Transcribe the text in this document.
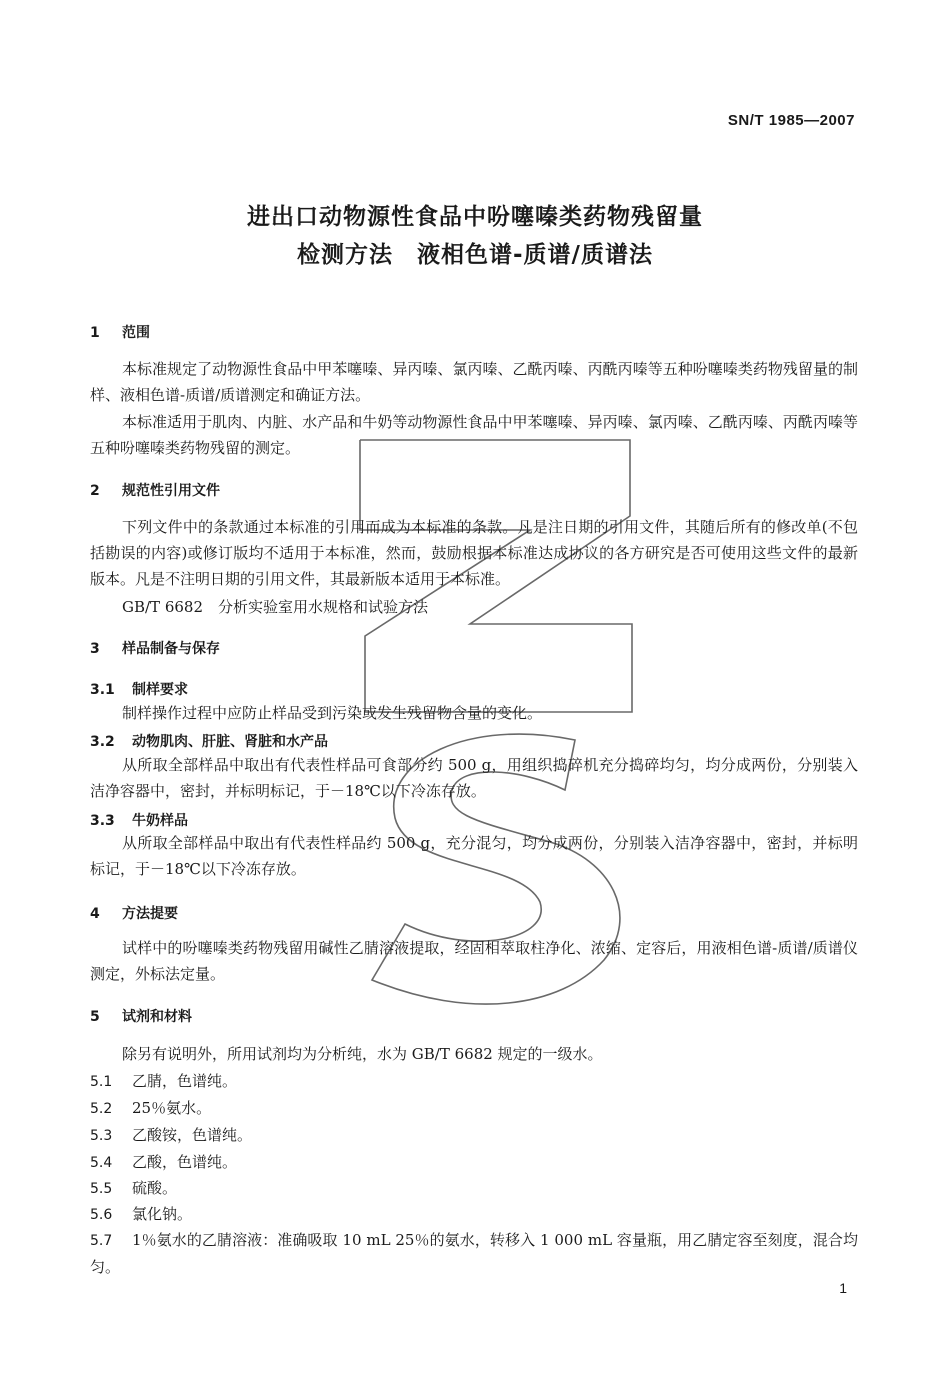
SN/T 1985—2007
进出口动物源性食品中吩噻嗪类药物残留量
检测方法 液相色谱-质谱/质谱法
1 范围
本标准规定了动物源性食品中甲苯噻嗪、异丙嗪、氯丙嗪、乙酰丙嗪、丙酰丙嗪等五种吩噻嗪类药物残留量的制样、液相色谱-质谱/质谱测定和确证方法。
本标准适用于肌肉、内脏、水产品和牛奶等动物源性食品中甲苯噻嗪、异丙嗪、氯丙嗪、乙酰丙嗪、丙酰丙嗪等五种吩噻嗪类药物残留的测定。
2 规范性引用文件
下列文件中的条款通过本标准的引用而成为本标准的条款。凡是注日期的引用文件，其随后所有的修改单(不包括勘误的内容)或修订版均不适用于本标准，然而，鼓励根据本标准达成协议的各方研究是否可使用这些文件的最新版本。凡是不注明日期的引用文件，其最新版本适用于本标准。
GB/T 6682　分析实验室用水规格和试验方法
3 样品制备与保存
3.1 制样要求
制样操作过程中应防止样品受到污染或发生残留物含量的变化。
3.2 动物肌肉、肝脏、肾脏和水产品
从所取全部样品中取出有代表性样品可食部分约 500 g，用组织捣碎机充分捣碎均匀，均分成两份，分别装入洁净容器中，密封，并标明标记，于－18℃以下冷冻存放。
3.3 牛奶样品
从所取全部样品中取出有代表性样品约 500 g，充分混匀，均分成两份，分别装入洁净容器中，密封，并标明标记，于－18℃以下冷冻存放。
4 方法提要
试样中的吩噻嗪类药物残留用碱性乙腈溶液提取，经固相萃取柱净化、浓缩、定容后，用液相色谱-质谱/质谱仪测定，外标法定量。
5 试剂和材料
除另有说明外，所用试剂均为分析纯，水为 GB/T 6682 规定的一级水。
5.1 乙腈，色谱纯。
5.2 25％氨水。
5.3 乙酸铵，色谱纯。
5.4 乙酸，色谱纯。
5.5 硫酸。
5.6 氯化钠。
5.7 1％氨水的乙腈溶液：准确吸取 10 mL 25％的氨水，转移入 1 000 mL 容量瓶，用乙腈定容至刻度，混合均匀。
1
